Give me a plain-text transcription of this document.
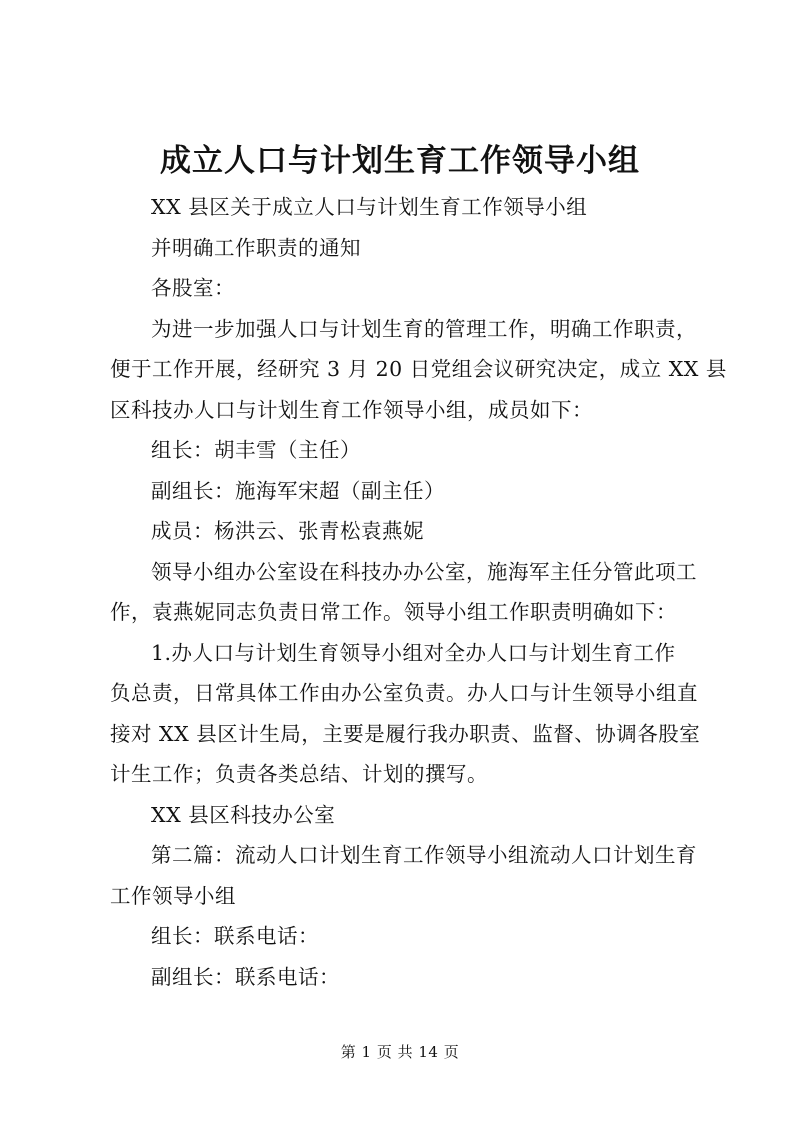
成立人口与计划生育工作领导小组

XX 县区关于成立人口与计划生育工作领导小组

并明确工作职责的通知

各股室：

为进一步加强人口与计划生育的管理工作，明确工作职责，

便于工作开展，经研究 3 月 20 日党组会议研究决定，成立 XX 县

区科技办人口与计划生育工作领导小组，成员如下：

组长：胡丰雪（主任）

副组长：施海军宋超（副主任）

成员：杨洪云、张青松袁燕妮

领导小组办公室设在科技办办公室，施海军主任分管此项工

作，袁燕妮同志负责日常工作。领导小组工作职责明确如下：

1.办人口与计划生育领导小组对全办人口与计划生育工作

负总责，日常具体工作由办公室负责。办人口与计生领导小组直

接对 XX 县区计生局，主要是履行我办职责、监督、协调各股室

计生工作；负责各类总结、计划的撰写。

XX 县区科技办公室

第二篇：流动人口计划生育工作领导小组流动人口计划生育

工作领导小组

组长：联系电话：

副组长：联系电话：

第 1 页 共 14 页
